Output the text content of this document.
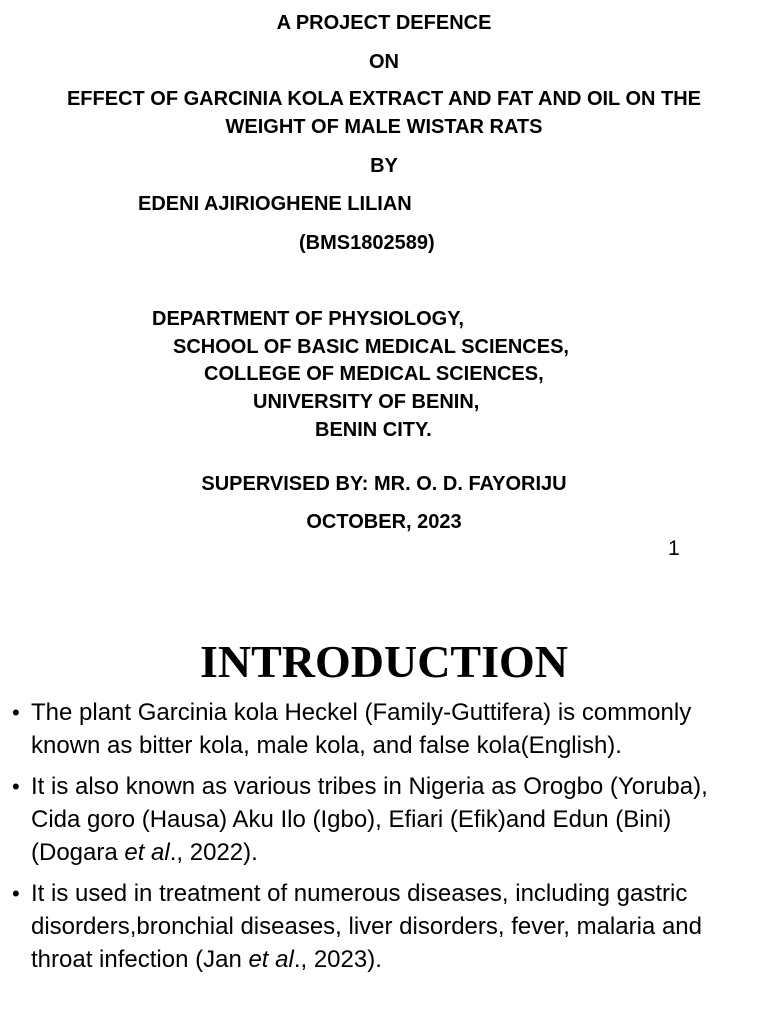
A PROJECT DEFENCE
ON
EFFECT OF GARCINIA KOLA EXTRACT AND FAT AND OIL ON THE
WEIGHT OF MALE WISTAR RATS
BY
EDENI AJIRIOGHENE LILIAN
(BMS1802589)
DEPARTMENT OF PHYSIOLOGY,
SCHOOL OF BASIC MEDICAL SCIENCES,
COLLEGE OF MEDICAL SCIENCES,
UNIVERSITY OF BENIN,
BENIN CITY.
SUPERVISED BY: MR. O. D. FAYORIJU
OCTOBER, 2023
1
INTRODUCTION
• The plant Garcinia kola Heckel (Family-Guttifera) is commonly known as bitter kola, male kola, and false kola(English).
• It is also known as various tribes in Nigeria as Orogbo (Yoruba), Cida goro (Hausa) Aku Ilo (Igbo), Efiari (Efik)and Edun (Bini) (Dogara et al., 2022).
• It is used in treatment of numerous diseases, including gastric disorders,bronchial diseases, liver disorders, fever, malaria and throat infection (Jan et al., 2023).
